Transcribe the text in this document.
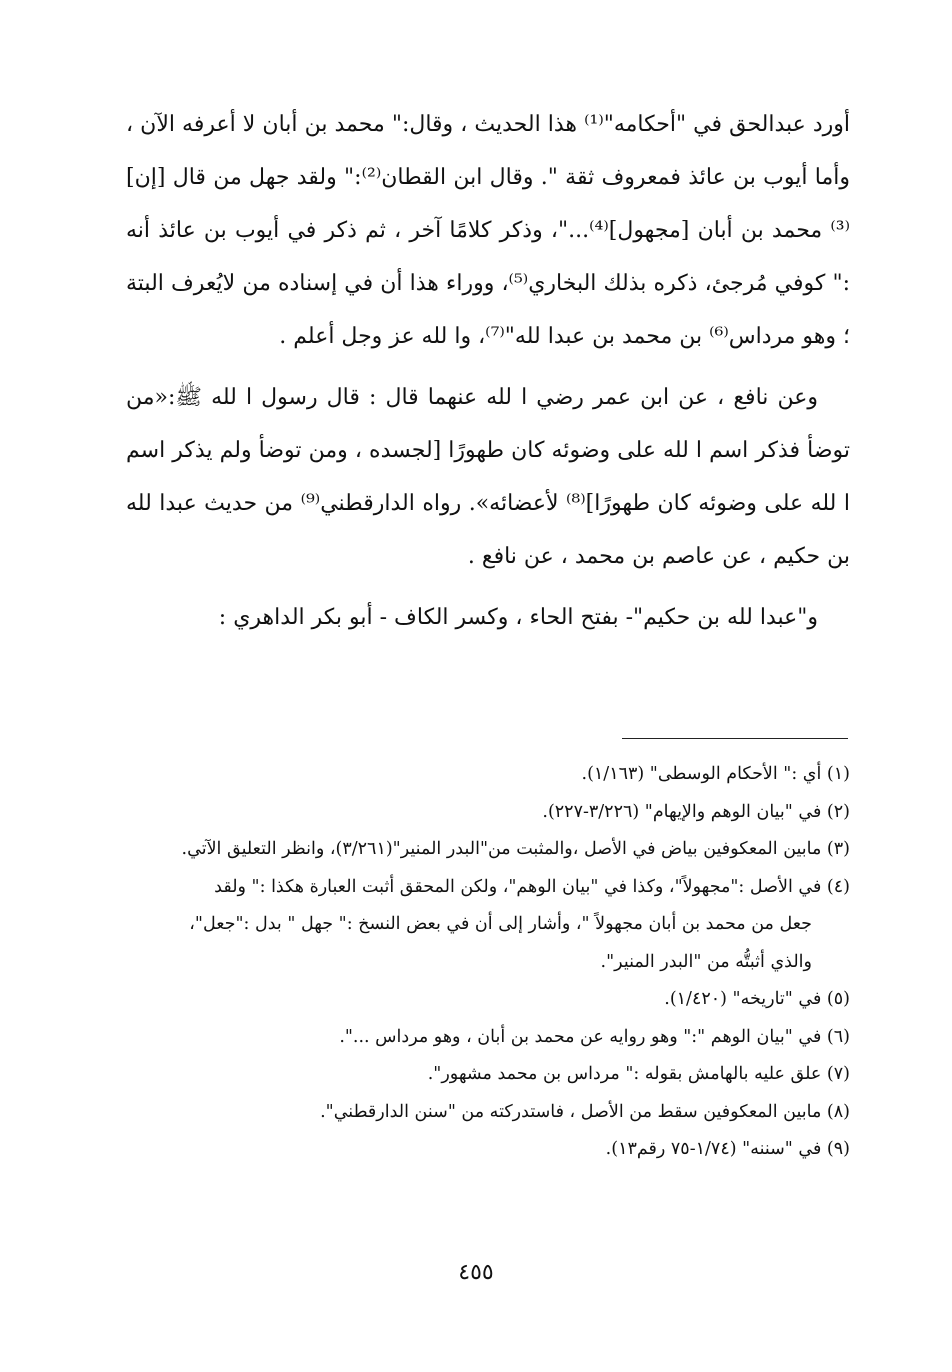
أورد عبدالحق في "أحكامه"⁽¹⁾ هذا الحديث ، وقال:" محمد بن أبان لا أعرفه الآن ، وأما أيوب بن عائذ فمعروف ثقة ". وقال ابن القطان⁽²⁾:" ولقد جهل من قال [إن]⁽³⁾ محمد بن أبان [مجهول]⁽⁴⁾..."، وذكر كلامًا آخر ، ثم ذكر في أيوب بن عائذ أنه :" كوفي مُرجئ، ذكره بذلك البخاري⁽⁵⁾، ووراء هذا أن في إسناده من لايُعرف البتة ؛ وهو مرداس⁽⁶⁾ بن محمد بن عبدا لله"⁽⁷⁾، وا لله عز وجل أعلم .

وعن نافع ، عن ابن عمر رضي ا لله عنهما قال : قال رسول ا لله ﷺ:«من توضأ فذكر اسم ا لله على وضوئه كان طهورًا [لجسده ، ومن توضأ ولم يذكر اسم ا لله على وضوئه كان طهورًا]⁽⁸⁾ لأعضائه». رواه الدارقطني⁽⁹⁾ من حديث عبدا لله بن حكيم ، عن عاصم بن محمد ، عن نافع .

و"عبدا لله بن حكيم"- بفتح الحاء ، وكسر الكاف - أبو بكر الداهري :

(١) أي :" الأحكام الوسطى" (١/١٦٣).

(٢) في "بيان الوهم والإيهام" (٣/٢٢٦-٢٢٧).

(٣) مابين المعكوفين بياض في الأصل ،والمثبت من"البدر المنير"(٣/٢٦١)، وانظر التعليق الآتي.

(٤) في الأصل :"مجهولاً"، وكذا في "بيان الوهم"، ولكن المحقق أثبت العبارة هكذا :" ولقد

جعل من محمد بن أبان مجهولاً "، وأشار إلى أن في بعض النسخ :" جهل " بدل :"جعل"،

والذي أثبتُّه من "البدر المنير".

(٥) في "تاريخه" (١/٤٢٠).

(٦) في "بيان الوهم ":" وهو روايه عن محمد بن أبان ، وهو مرداس ...".

(٧) علق عليه بالهامش بقوله :" مرداس بن محمد مشهور".

(٨) مابين المعكوفين سقط من الأصل ، فاستدركته من "سنن الدارقطني".

(٩) في "سننه" (١/٧٤-٧٥ رقم١٣).

٤٥٥
